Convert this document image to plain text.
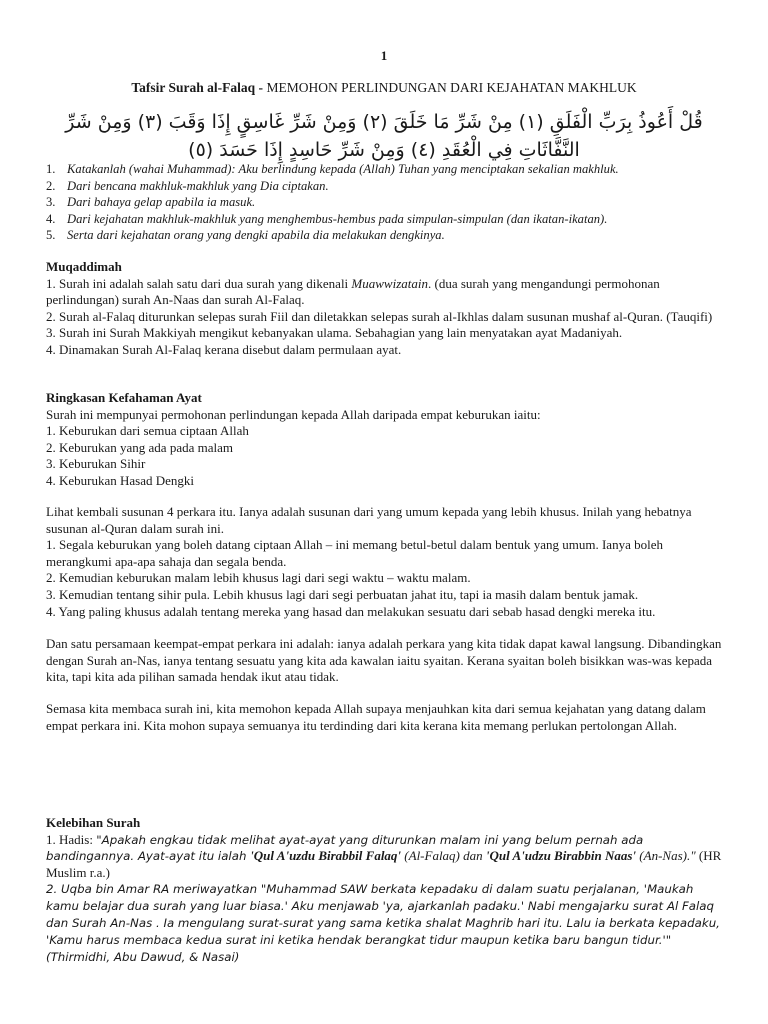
1
Tafsir Surah al-Falaq - MEMOHON PERLINDUNGAN DARI KEJAHATAN MAKHLUK
قُلْ أَعُوذُ بِرَبِّ الْفَلَقِ (١) مِنْ شَرِّ مَا خَلَقَ (٢) وَمِنْ شَرِّ غَاسِقٍ إِذَا وَقَبَ (٣) وَمِنْ شَرِّ النَّفَّاثَاتِ فِي الْعُقَدِ (٤) وَمِنْ شَرِّ حَاسِدٍ إِذَا حَسَدَ (٥)
1. Katakanlah (wahai Muhammad): Aku berlindung kepada (Allah) Tuhan yang menciptakan sekalian makhluk.
2. Dari bencana makhluk-makhluk yang Dia ciptakan.
3. Dari bahaya gelap apabila ia masuk.
4. Dari kejahatan makhluk-makhluk yang menghembus-hembus pada simpulan-simpulan (dan ikatan-ikatan).
5. Serta dari kejahatan orang yang dengki apabila dia melakukan dengkinya.

Muqaddimah

1. Surah ini adalah salah satu dari dua surah yang dikenali Muawwizatain. (dua surah yang mengandungi permohonan perlindungan) surah An-Naas dan surah Al-Falaq.

2. Surah al-Falaq diturunkan selepas surah Fiil dan diletakkan selepas surah al-Ikhlas dalam susunan mushaf al-Quran. (Tauqifi)

3. Surah ini Surah Makkiyah mengikut kebanyakan ulama. Sebahagian yang lain menyatakan ayat Madaniyah.

4. Dinamakan Surah Al-Falaq kerana disebut dalam permulaan ayat.

Ringkasan Kefahaman Ayat

Surah ini mempunyai permohonan perlindungan kepada Allah daripada empat keburukan iaitu:

1. Keburukan dari semua ciptaan Allah

2. Keburukan yang ada pada malam

3. Keburukan Sihir

4. Keburukan Hasad Dengki

Lihat kembali susunan 4 perkara itu. Ianya adalah susunan dari yang umum kepada yang lebih khusus. Inilah yang hebatnya susunan al-Quran dalam surah ini.

1. Segala keburukan yang boleh datang ciptaan Allah – ini memang betul-betul dalam bentuk yang umum. Ianya boleh merangkumi apa-apa sahaja dan segala benda.

2. Kemudian keburukan malam lebih khusus lagi dari segi waktu – waktu malam.

3. Kemudian tentang sihir pula. Lebih khusus lagi dari segi perbuatan jahat itu, tapi ia masih dalam bentuk jamak.

4. Yang paling khusus adalah tentang mereka yang hasad dan melakukan sesuatu dari sebab hasad dengki mereka itu.

Dan satu persamaan keempat-empat perkara ini adalah: ianya adalah perkara yang kita tidak dapat kawal langsung. Dibandingkan dengan Surah an-Nas, ianya tentang sesuatu yang kita ada kawalan iaitu syaitan. Kerana syaitan boleh bisikkan was-was kepada kita, tapi kita ada pilihan samada hendak ikut atau tidak.

Semasa kita membaca surah ini, kita memohon kepada Allah supaya menjauhkan kita dari semua kejahatan yang datang dalam empat perkara ini. Kita mohon supaya semuanya itu terdinding dari kita kerana kita memang perlukan pertolongan Allah.

Kelebihan Surah

1. Hadis: "Apakah engkau tidak melihat ayat-ayat yang diturunkan malam ini yang belum pernah ada bandingannya. Ayat-ayat itu ialah 'Qul A'uzdu Birabbil Falaq' (Al-Falaq) dan 'Qul A'udzu Birabbin Naas' (An-Nas)." (HR Muslim r.a.)

2. Uqba bin Amar RA meriwayatkan "Muhammad SAW berkata kepadaku di dalam suatu perjalanan, 'Maukah kamu belajar dua surah yang luar biasa.' Aku menjawab 'ya, ajarkanlah padaku.' Nabi mengajarku surat Al Falaq dan Surah An-Nas . Ia mengulang surat-surat yang sama ketika shalat Maghrib hari itu. Lalu ia berkata kepadaku, 'Kamu harus membaca kedua surat ini ketika hendak berangkat tidur maupun ketika baru bangun tidur.'" (Thirmidhi, Abu Dawud, & Nasai)
